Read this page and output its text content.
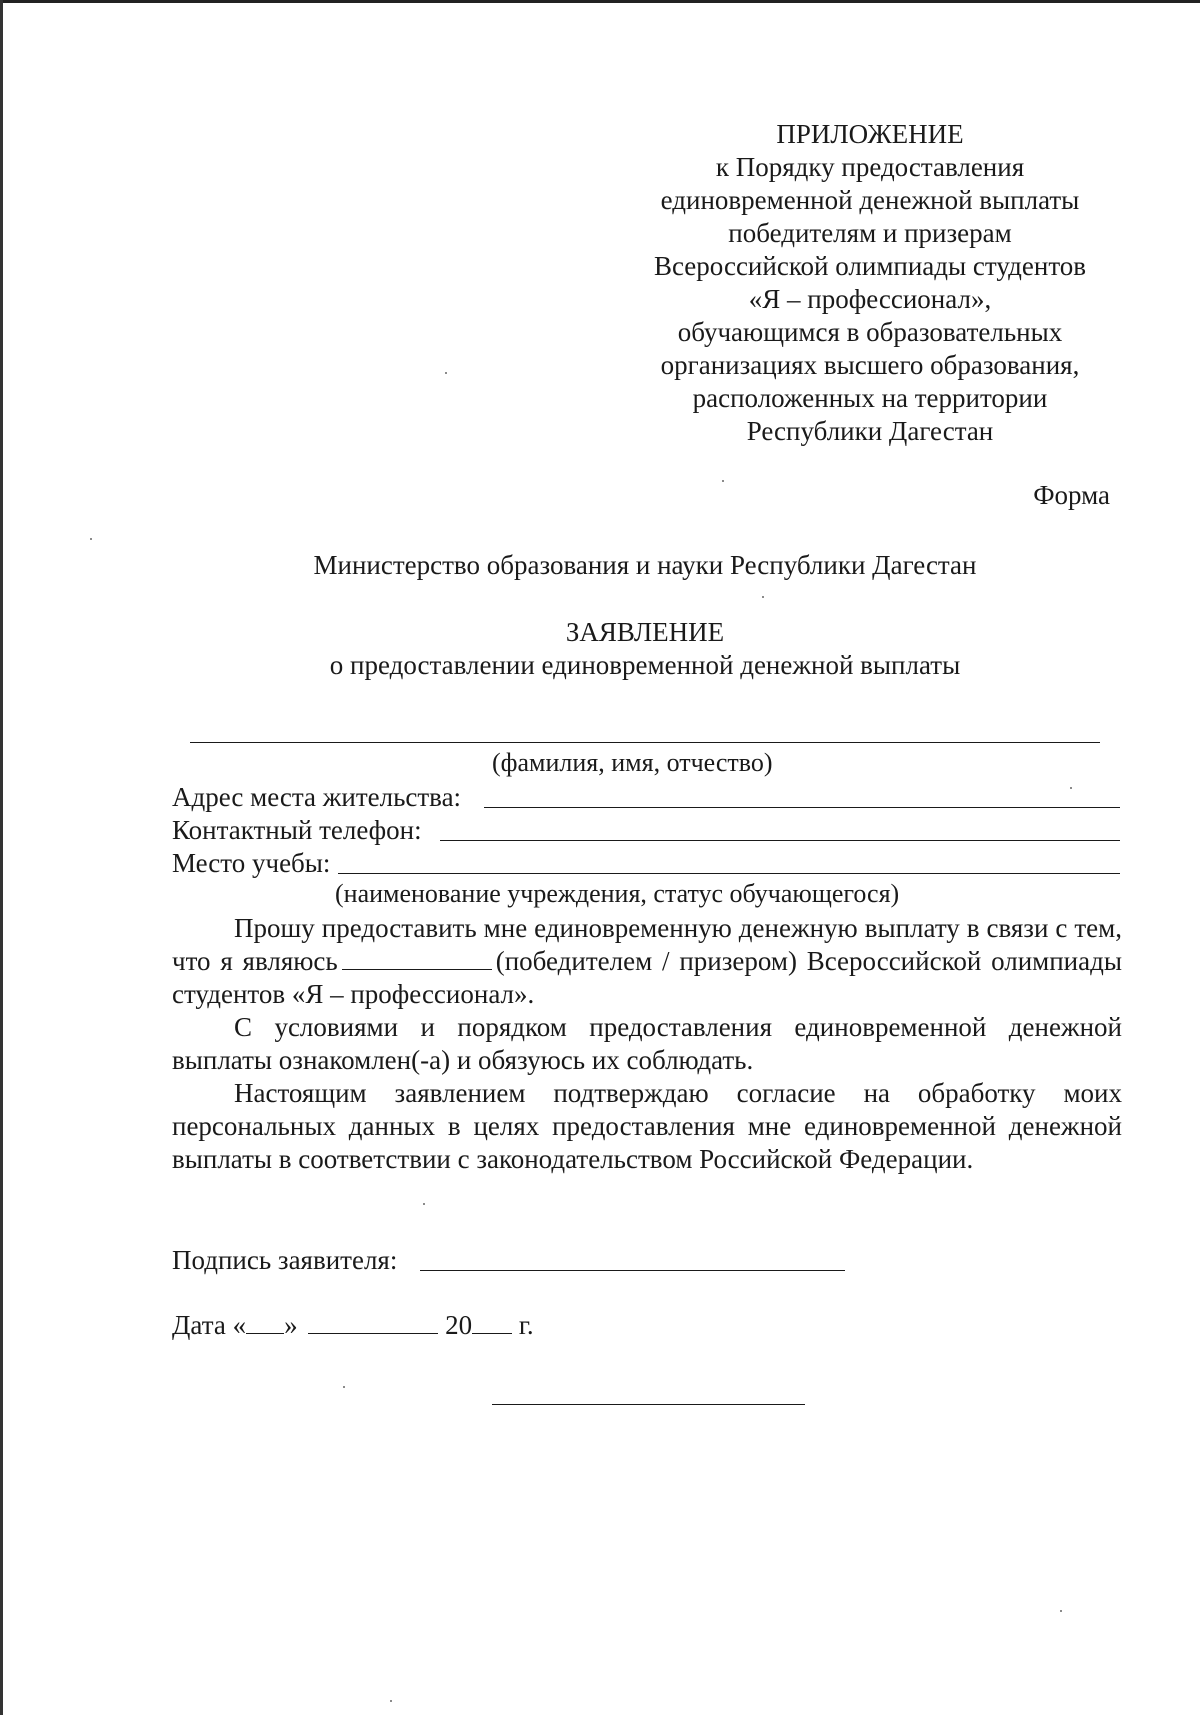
ПРИЛОЖЕНИЕ
к Порядку предоставления
единовременной денежной выплаты
победителям и призерам
Всероссийской олимпиады студентов
«Я – профессионал»,
обучающимся в образовательных
организациях высшего образования,
расположенных на территории
Республики Дагестан
Форма
Министерство образования и науки Республики Дагестан
ЗАЯВЛЕНИЕ
о предоставлении единовременной денежной выплаты
(фамилия, имя, отчество)
Адрес места жительства:
Контактный телефон:
Место учебы:
(наименование учреждения, статус обучающегося)

Прошу предоставить мне единовременную денежную выплату в связи с тем, что я являюсь	(победителем / призером) Всероссийской олимпиады студентов «Я – профессионал».

С условиями и порядком предоставления единовременной денежной выплаты ознакомлен(-а) и обязуюсь их соблюдать.

Настоящим заявлением подтверждаю согласие на обработку моих персональных данных в целях предоставления мне единовременной денежной выплаты в соответствии с законодательством Российской Федерации.

Подпись заявителя:
Дата « »	20 г.
